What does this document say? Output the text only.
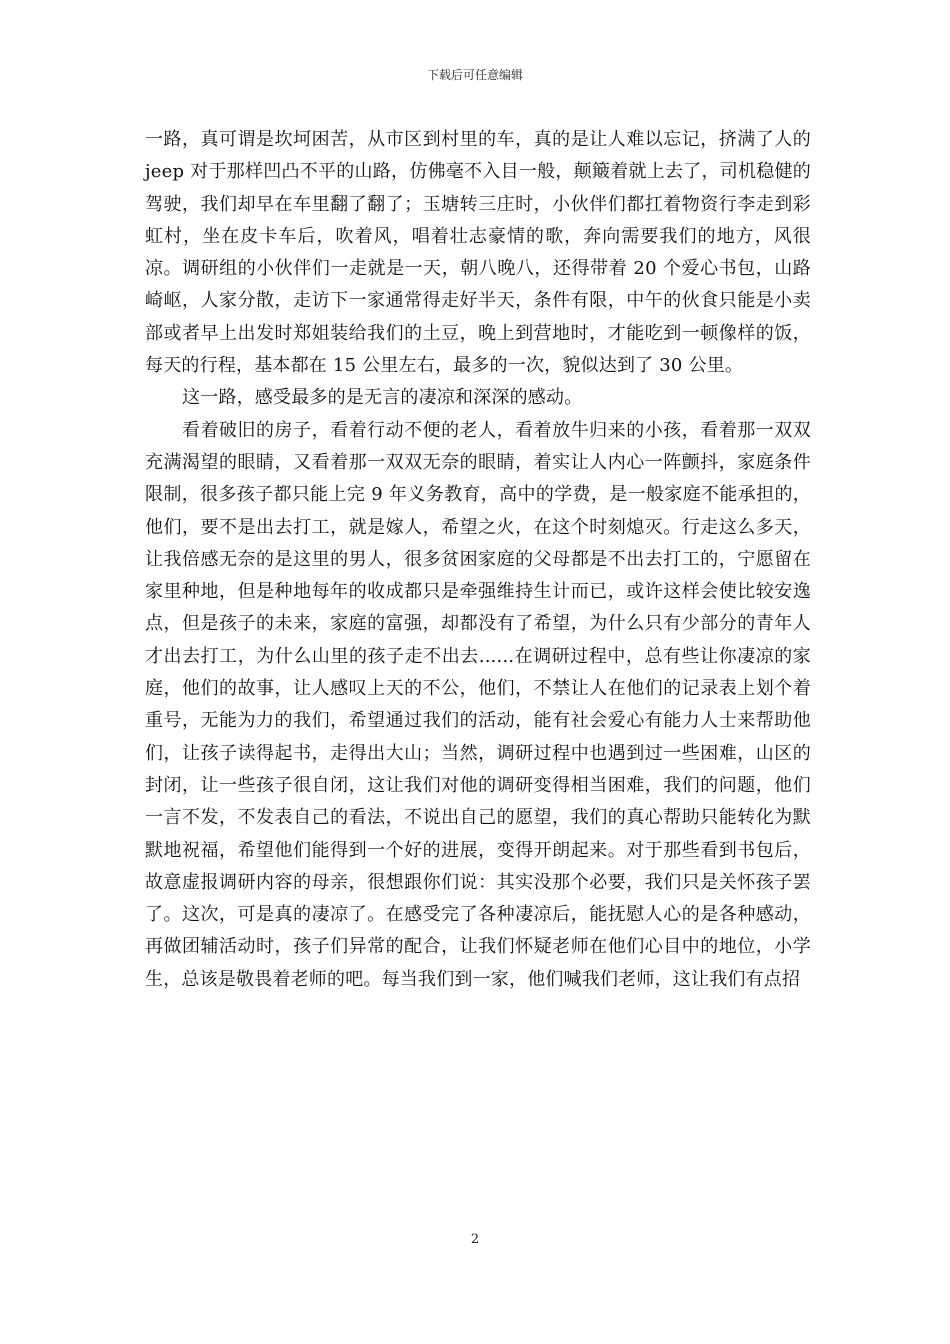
下载后可任意编辑

一路，真可谓是坎坷困苦，从市区到村里的车，真的是让人难以忘记，挤满了人的 jeep 对于那样凹凸不平的山路，仿佛毫不入目一般，颠簸着就上去了，司机稳健的驾驶，我们却早在车里翻了翻了；玉塘转三庄时，小伙伴们都扛着物资行李走到彩虹村，坐在皮卡车后，吹着风，唱着壮志豪情的歌，奔向需要我们的地方，风很凉。调研组的小伙伴们一走就是一天，朝八晚八，还得带着 20 个爱心书包，山路崎岖，人家分散，走访下一家通常得走好半天，条件有限，中午的伙食只能是小卖部或者早上出发时郑姐装给我们的土豆，晚上到营地时，才能吃到一顿像样的饭，每天的行程，基本都在 15 公里左右，最多的一次，貌似达到了 30 公里。

这一路，感受最多的是无言的凄凉和深深的感动。

看着破旧的房子，看着行动不便的老人，看着放牛归来的小孩，看着那一双双充满渴望的眼睛，又看着那一双双无奈的眼睛，着实让人内心一阵颤抖，家庭条件限制，很多孩子都只能上完 9 年义务教育，高中的学费，是一般家庭不能承担的，他们，要不是出去打工，就是嫁人，希望之火，在这个时刻熄灭。行走这么多天，让我倍感无奈的是这里的男人，很多贫困家庭的父母都是不出去打工的，宁愿留在家里种地，但是种地每年的收成都只是牵强维持生计而已，或许这样会使比较安逸点，但是孩子的未来，家庭的富强，却都没有了希望，为什么只有少部分的青年人才出去打工，为什么山里的孩子走不出去......在调研过程中，总有些让你凄凉的家庭，他们的故事，让人感叹上天的不公，他们，不禁让人在他们的记录表上划个着重号，无能为力的我们，希望通过我们的活动，能有社会爱心有能力人士来帮助他们，让孩子读得起书，走得出大山；当然，调研过程中也遇到过一些困难，山区的封闭，让一些孩子很自闭，这让我们对他的调研变得相当困难，我们的问题，他们一言不发，不发表自己的看法，不说出自己的愿望，我们的真心帮助只能转化为默默地祝福，希望他们能得到一个好的进展，变得开朗起来。对于那些看到书包后，故意虚报调研内容的母亲，很想跟你们说：其实没那个必要，我们只是关怀孩子罢了。这次，可是真的凄凉了。在感受完了各种凄凉后，能抚慰人心的是各种感动，再做团辅活动时，孩子们异常的配合，让我们怀疑老师在他们心目中的地位，小学生，总该是敬畏着老师的吧。每当我们到一家，他们喊我们老师，这让我们有点招

2
